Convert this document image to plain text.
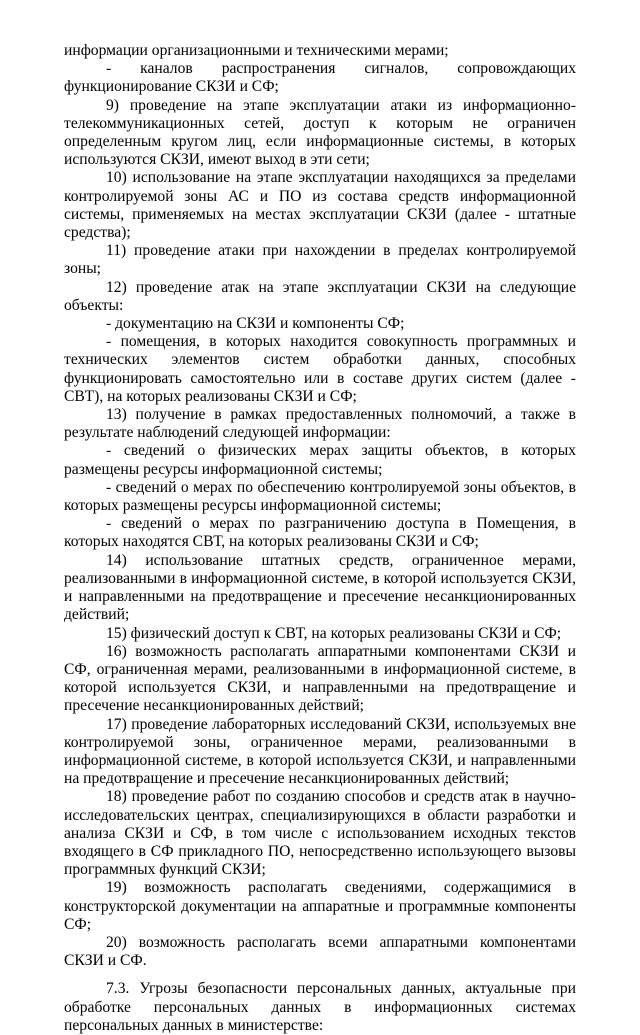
информации организационными и техническими мерами;

- каналов распространения сигналов, сопровождающих функционирование СКЗИ и СФ;

9) проведение на этапе эксплуатации атаки из информационно-телекоммуникационных сетей, доступ к которым не ограничен определенным кругом лиц, если информационные системы, в которых используются СКЗИ, имеют выход в эти сети;

10) использование на этапе эксплуатации находящихся за пределами контролируемой зоны АС и ПО из состава средств информационной системы, применяемых на местах эксплуатации СКЗИ (далее - штатные средства);

11) проведение атаки при нахождении в пределах контролируемой зоны;

12) проведение атак на этапе эксплуатации СКЗИ на следующие объекты:

- документацию на СКЗИ и компоненты СФ;

- помещения, в которых находится совокупность программных и технических элементов систем обработки данных, способных функционировать самостоятельно или в составе других систем (далее - СВТ), на которых реализованы СКЗИ и СФ;

13) получение в рамках предоставленных полномочий, а также в результате наблюдений следующей информации:

- сведений о физических мерах защиты объектов, в которых размещены ресурсы информационной системы;

- сведений о мерах по обеспечению контролируемой зоны объектов, в которых размещены ресурсы информационной системы;

- сведений о мерах по разграничению доступа в Помещения, в которых находятся СВТ, на которых реализованы СКЗИ и СФ;

14) использование штатных средств, ограниченное мерами, реализованными в информационной системе, в которой используется СКЗИ, и направленными на предотвращение и пресечение несанкционированных действий;

15) физический доступ к СВТ, на которых реализованы СКЗИ и СФ;

16) возможность располагать аппаратными компонентами СКЗИ и СФ, ограниченная мерами, реализованными в информационной системе, в которой используется СКЗИ, и направленными на предотвращение и пресечение несанкционированных действий;

17) проведение лабораторных исследований СКЗИ, используемых вне контролируемой зоны, ограниченное мерами, реализованными в информационной системе, в которой используется СКЗИ, и направленными на предотвращение и пресечение несанкционированных действий;

18) проведение работ по созданию способов и средств атак в научно-исследовательских центрах, специализирующихся в области разработки и анализа СКЗИ и СФ, в том числе с использованием исходных текстов входящего в СФ прикладного ПО, непосредственно использующего вызовы программных функций СКЗИ;

19) возможность располагать сведениями, содержащимися в конструкторской документации на аппаратные и программные компоненты СФ;

20) возможность располагать всеми аппаратными компонентами СКЗИ и СФ.

7.3. Угрозы безопасности персональных данных, актуальные при обработке персональных данных в информационных системах персональных данных в министерстве:
